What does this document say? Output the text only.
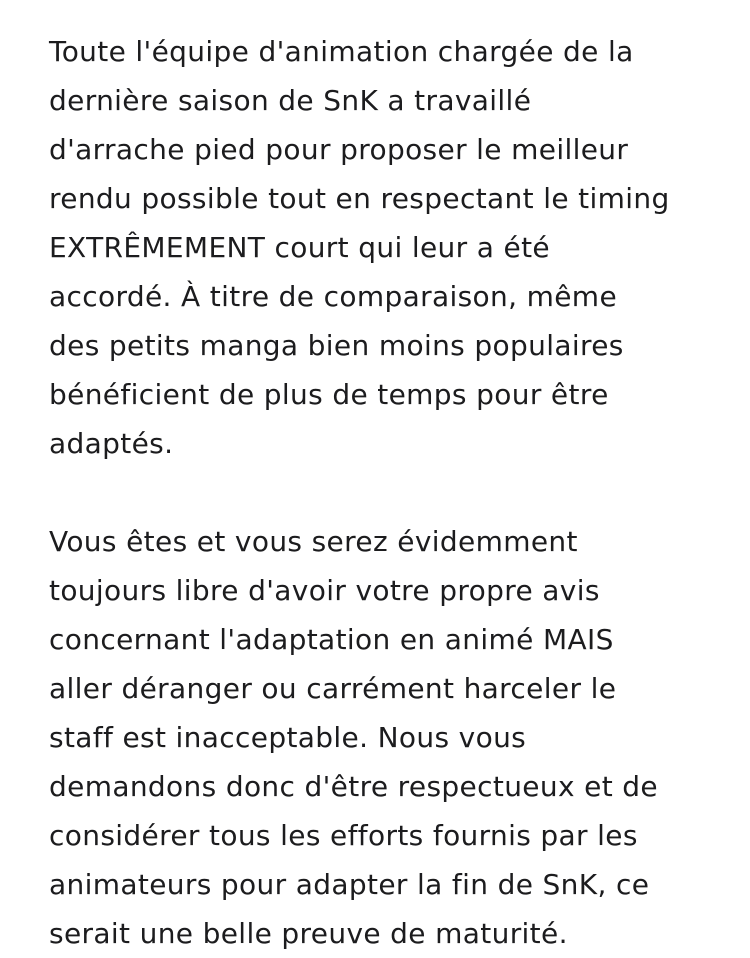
Toute l'équipe d'animation chargée de la
dernière saison de SnK a travaillé
d'arrache pied pour proposer le meilleur
rendu possible tout en respectant le timing
EXTRÊMEMENT court qui leur a été
accordé. À titre de comparaison, même
des petits manga bien moins populaires
bénéficient de plus de temps pour être
adaptés.
Vous êtes et vous serez évidemment
toujours libre d'avoir votre propre avis
concernant l'adaptation en animé MAIS
aller déranger ou carrément harceler le
staff est inacceptable. Nous vous
demandons donc d'être respectueux et de
considérer tous les efforts fournis par les
animateurs pour adapter la fin de SnK, ce
serait une belle preuve de maturité.
